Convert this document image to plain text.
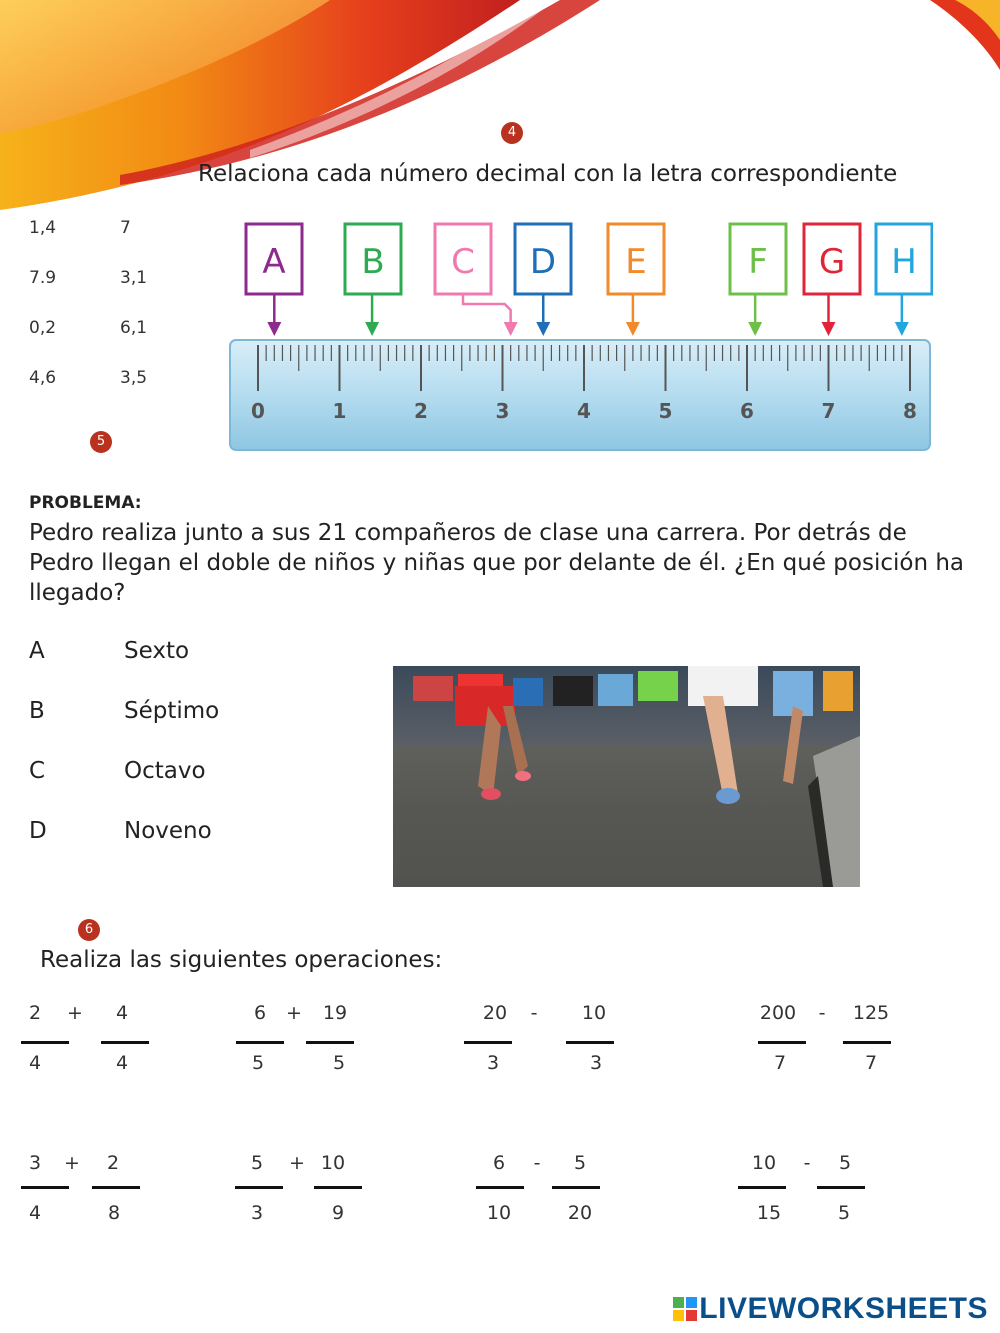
4
Relaciona cada número decimal con la letra correspondiente
1,4	7
7.9	3,1
0,2	6,1
4,6	3,5
0	1	2	3	4	5	6	7	8
A B C D E	F G H
5
PROBLEMA:
Pedro realiza junto a sus 21 compañeros de clase una carrera. Por detrás de Pedro llegan el doble de niños y niñas que por delante de él. ¿En qué posición ha llegado?
A	Sexto
B	Séptimo
C	Octavo
D	Noveno
6
Realiza las siguientes operaciones:
2
4
+	4
4
6
5
+	19
5
20
3
-	10
3
200
7
-	125
7
3
4
+	2
8
5
3
+ 10
9
6
10
-	5
20
10
15
-	5
5
LIVEWORKSHEETS
